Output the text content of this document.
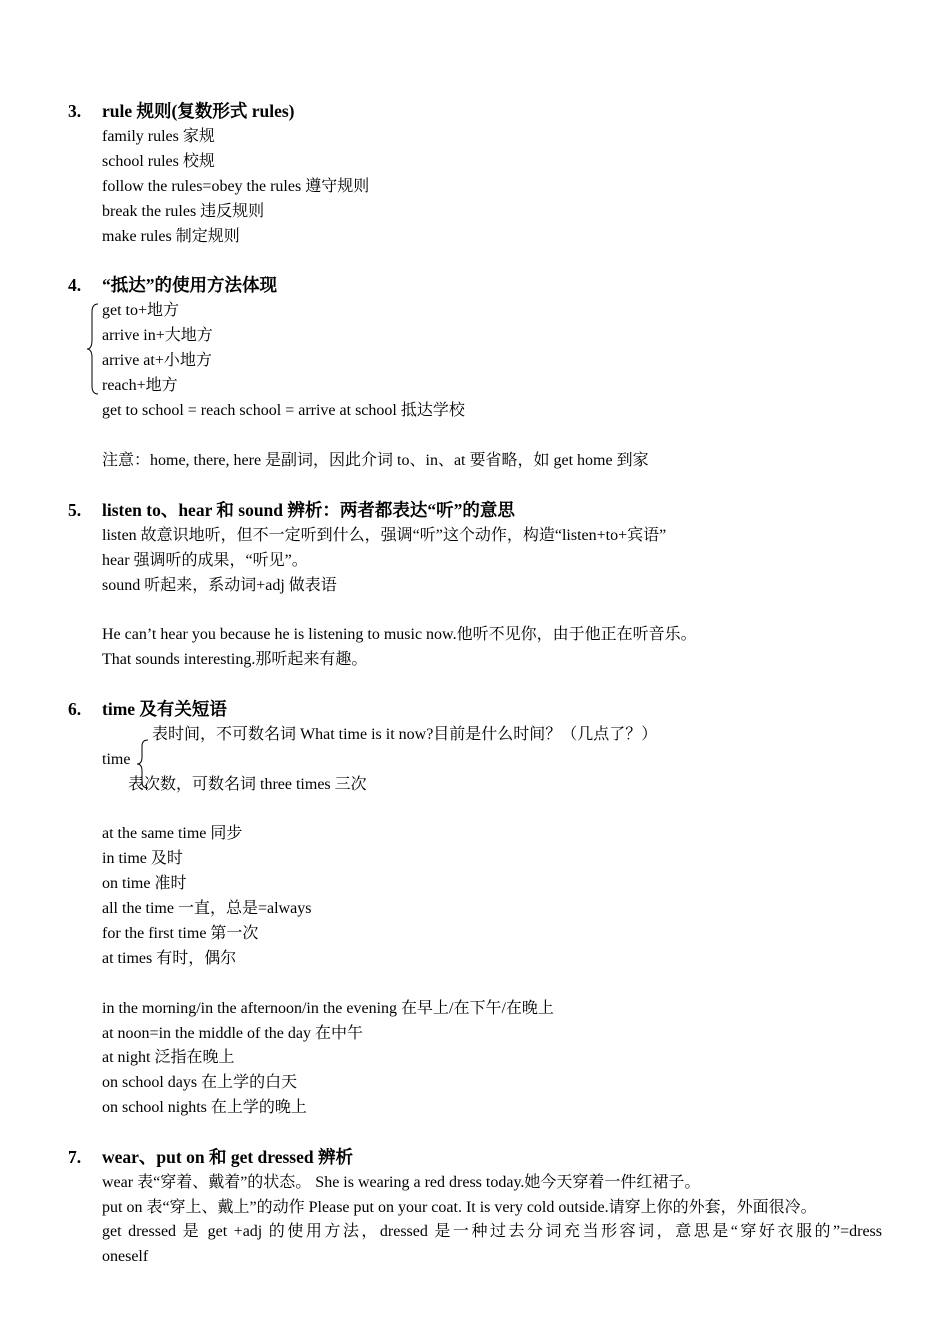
3. rule 规则(复数形式 rules)
family rules 家规
school rules 校规
follow the rules=obey the rules 遵守规则
break the rules 违反规则
make rules 制定规则
4. “抵达”的使用方法体现
get to+地方
arrive in+大地方
arrive at+小地方
reach+地方
get to school = reach school = arrive at school 抵达学校
注意：home, there, here 是副词，因此介词 to、in、at 要省略，如 get home 到家
5. listen to、hear 和 sound 辨析：两者都表达“听”的意思
listen 故意识地听，但不一定听到什么，强调“听”这个动作，构造“listen+to+宾语”
hear 强调听的成果，“听见”。
sound 听起来，系动词+adj 做表语
He can’t hear you because he is listening to music now.他听不见你，由于他正在听音乐。
That sounds interesting.那听起来有趣。
6. time 及有关短语
表时间，不可数名词 What time is it now?目前是什么时间？（几点了？）
time
表次数，可数名词 three times 三次
at the same time 同步
in time 及时
on time 准时
all the time 一直，总是=always
for the first time 第一次
at times 有时，偶尔
in the morning/in the afternoon/in the evening 在早上/在下午/在晚上
at noon=in the middle of the day 在中午
at night 泛指在晚上
on school days 在上学的白天
on school nights 在上学的晚上
7. wear、put on 和 get dressed 辨析
wear 表“穿着、戴着”的状态。 She is wearing a red dress today.她今天穿着一件红裙子。
put on 表“穿上、戴上”的动作 Please put on your coat. It is very cold outside.请穿上你的外套，外面很冷。
get dressed 是 get +adj 的使用方法，dressed 是一种过去分词充当形容词，意思是“穿好衣服的”=dress
oneself
